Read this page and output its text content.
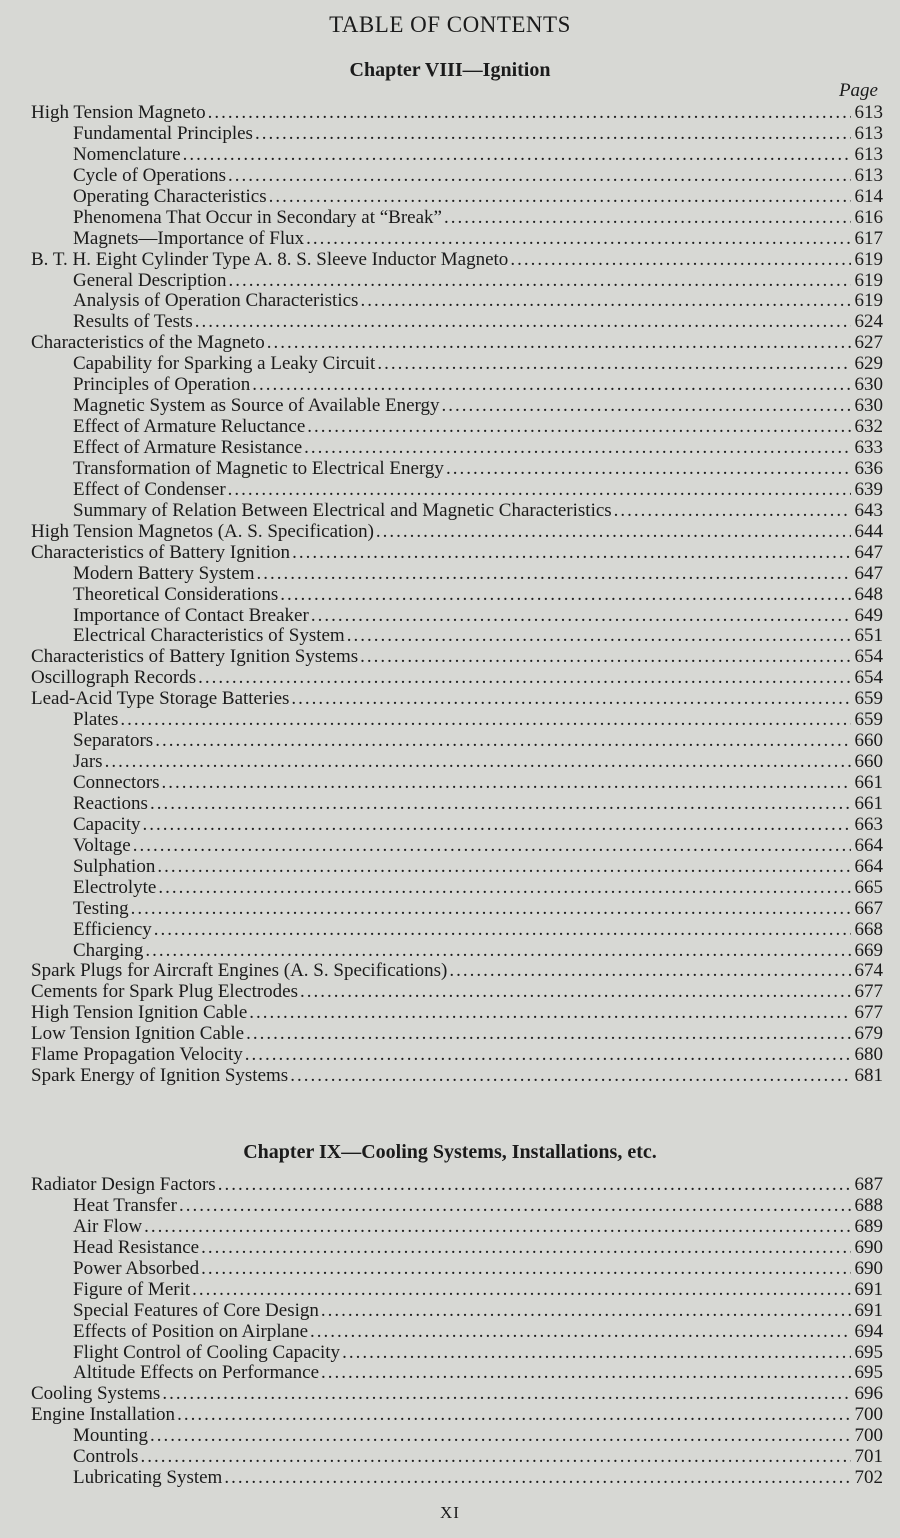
TABLE OF CONTENTS
Chapter VIII—Ignition
Page
High Tension Magneto .....	613
Fundamental Principles .....	613
Nomenclature .....	613
Cycle of Operations .....	613
Operating Characteristics .....	614
Phenomena That Occur in Secondary at “Break” .....	616
Magnets—Importance of Flux .....	617
B. T. H. Eight Cylinder Type A. 8. S. Sleeve Inductor Magneto .....	619
General Description .....	619
Analysis of Operation Characteristics .....	619
Results of Tests .....	624
Characteristics of the Magneto .....	627
Capability for Sparking a Leaky Circuit .....	629
Principles of Operation .....	630
Magnetic System as Source of Available Energy .....	630
Effect of Armature Reluctance .....	632
Effect of Armature Resistance .....	633
Transformation of Magnetic to Electrical Energy .....	636
Effect of Condenser .....	639
Summary of Relation Between Electrical and Magnetic Characteristics .....	643
High Tension Magnetos (A. S. Specification) .....	644
Characteristics of Battery Ignition .....	647
Modern Battery System .....	647
Theoretical Considerations .....	648
Importance of Contact Breaker .....	649
Electrical Characteristics of System .....	651
Characteristics of Battery Ignition Systems .....	654
Oscillograph Records .....	654
Lead-Acid Type Storage Batteries .....	659
Plates .....	659
Separators .....	660
Jars .....	660
Connectors .....	661
Reactions .....	661
Capacity .....	663
Voltage .....	664
Sulphation .....	664
Electrolyte .....	665
Testing .....	667
Efficiency .....	668
Charging .....	669
Spark Plugs for Aircraft Engines (A. S. Specifications) .....	674
Cements for Spark Plug Electrodes .....	677
High Tension Ignition Cable .....	677
Low Tension Ignition Cable .....	679
Flame Propagation Velocity .....	680
Spark Energy of Ignition Systems .....	681
Chapter IX—Cooling Systems, Installations, etc.
Radiator Design Factors .....	687
Heat Transfer .....	688
Air Flow .....	689
Head Resistance .....	690
Power Absorbed .....	690
Figure of Merit .....	691
Special Features of Core Design .....	691
Effects of Position on Airplane .....	694
Flight Control of Cooling Capacity .....	695
Altitude Effects on Performance .....	695
Cooling Systems .....	696
Engine Installation .....	700
Mounting .....	700
Controls .....	701
Lubricating System .....	702
XI
